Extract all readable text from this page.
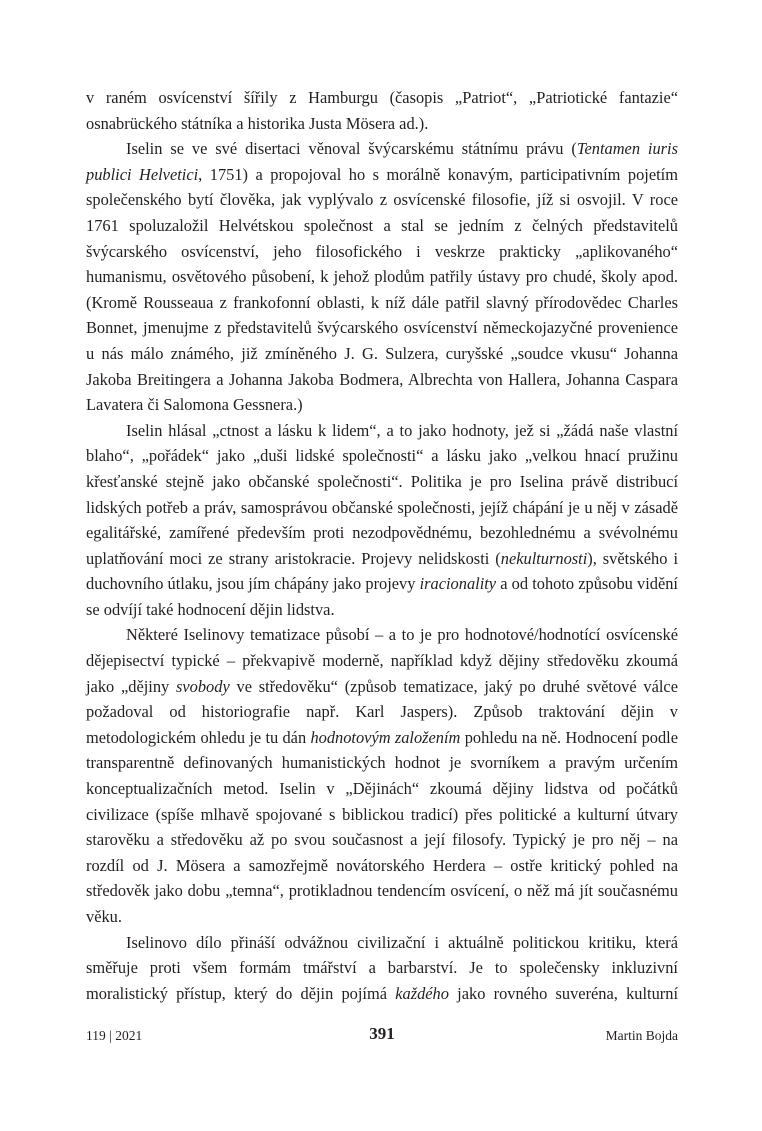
v raném osvícenství šířily z Hamburgu (časopis „Patriot“, „Patriotické fantazie“ osnabrückého státníka a historika Justa Mösera ad.).

Iselin se ve své disertaci věnoval švýcarskému státnímu právu (Tentamen iuris publici Helvetici, 1751) a propojoval ho s morálně konavým, participativním pojetím společenského bytí člověka, jak vyplývalo z osvícenské filosofie, jíž si osvojil. V roce 1761 spoluzaložil Helvétskou společnost a stal se jedním z čelných představitelů švýcarského osvícenství, jeho filosofického i veskrze prakticky „aplikovaného“ humanismu, osvětového působení, k jehož plodům patřily ústavy pro chudé, školy apod. (Kromě Rousseaua z frankofonní oblasti, k níž dále patřil slavný přírodovědec Charles Bonnet, jmenujme z představitelů švýcarského osvícenství německojazyčné provenience u nás málo známého, již zmíněného J. G. Sulzera, curyšské „soudce vkusu“ Johanna Jakoba Breitingera a Johanna Jakoba Bodmera, Albrechta von Hallera, Johanna Caspara Lavatera či Salomona Gessnera.)

Iselin hlásal „ctnost a lásku k lidem“, a to jako hodnoty, jež si „žádá naše vlastní blaho“, „pořádek“ jako „duši lidské společnosti“ a lásku jako „velkou hnací pružinu křesťanské stejně jako občanské společnosti“. Politika je pro Iselina právě distribucí lidských potřeb a práv, samosprávou občanské společnosti, jejíž chápání je u něj v zásadě egalitářské, zamířené především proti nezodpovědnému, bezohlednému a svévolnému uplatňování moci ze strany aristokracie. Projevy nelidskosti (nekulturnosti), světského i duchovního útlaku, jsou jím chápány jako projevy iracionality a od tohoto způsobu vidění se odvíjí také hodnocení dějin lidstva.

Některé Iselinovy tematizace působí – a to je pro hodnotové/hodnotící osvícenské dějepisectví typické – překvapivě moderně, například když dějiny středověku zkoumá jako „dějiny svobody ve středověku“ (způsob tematizace, jaký po druhé světové válce požadoval od historiografie např. Karl Jaspers). Způsob traktování dějin v metodologickém ohledu je tu dán hodnotovým založením pohledu na ně. Hodnocení podle transparentně definovaných humanistických hodnot je svorníkem a pravým určením konceptualizačních metod. Iselin v „Dějinách“ zkoumá dějiny lidstva od počátků civilizace (spíše mlhavě spojované s biblickou tradicí) přes politické a kulturní útvary starověku a středověku až po svou současnost a její filosofy. Typický je pro něj – na rozdíl od J. Mösera a samozřejmě novátorského Herdera – ostře kritický pohled na středověk jako dobu „temna“, protikladnou tendencím osvícení, o něž má jít současnému věku.

Iselinovo dílo přináší odvážnou civilizační i aktuálně politickou kritiku, která směřuje proti všem formám tmářství a barbarství. Je to společensky inkluzivní moralistický přístup, který do dějin pojímá každého jako rovného suveréna, kulturní

119 | 2021	391	Martin Bojda
